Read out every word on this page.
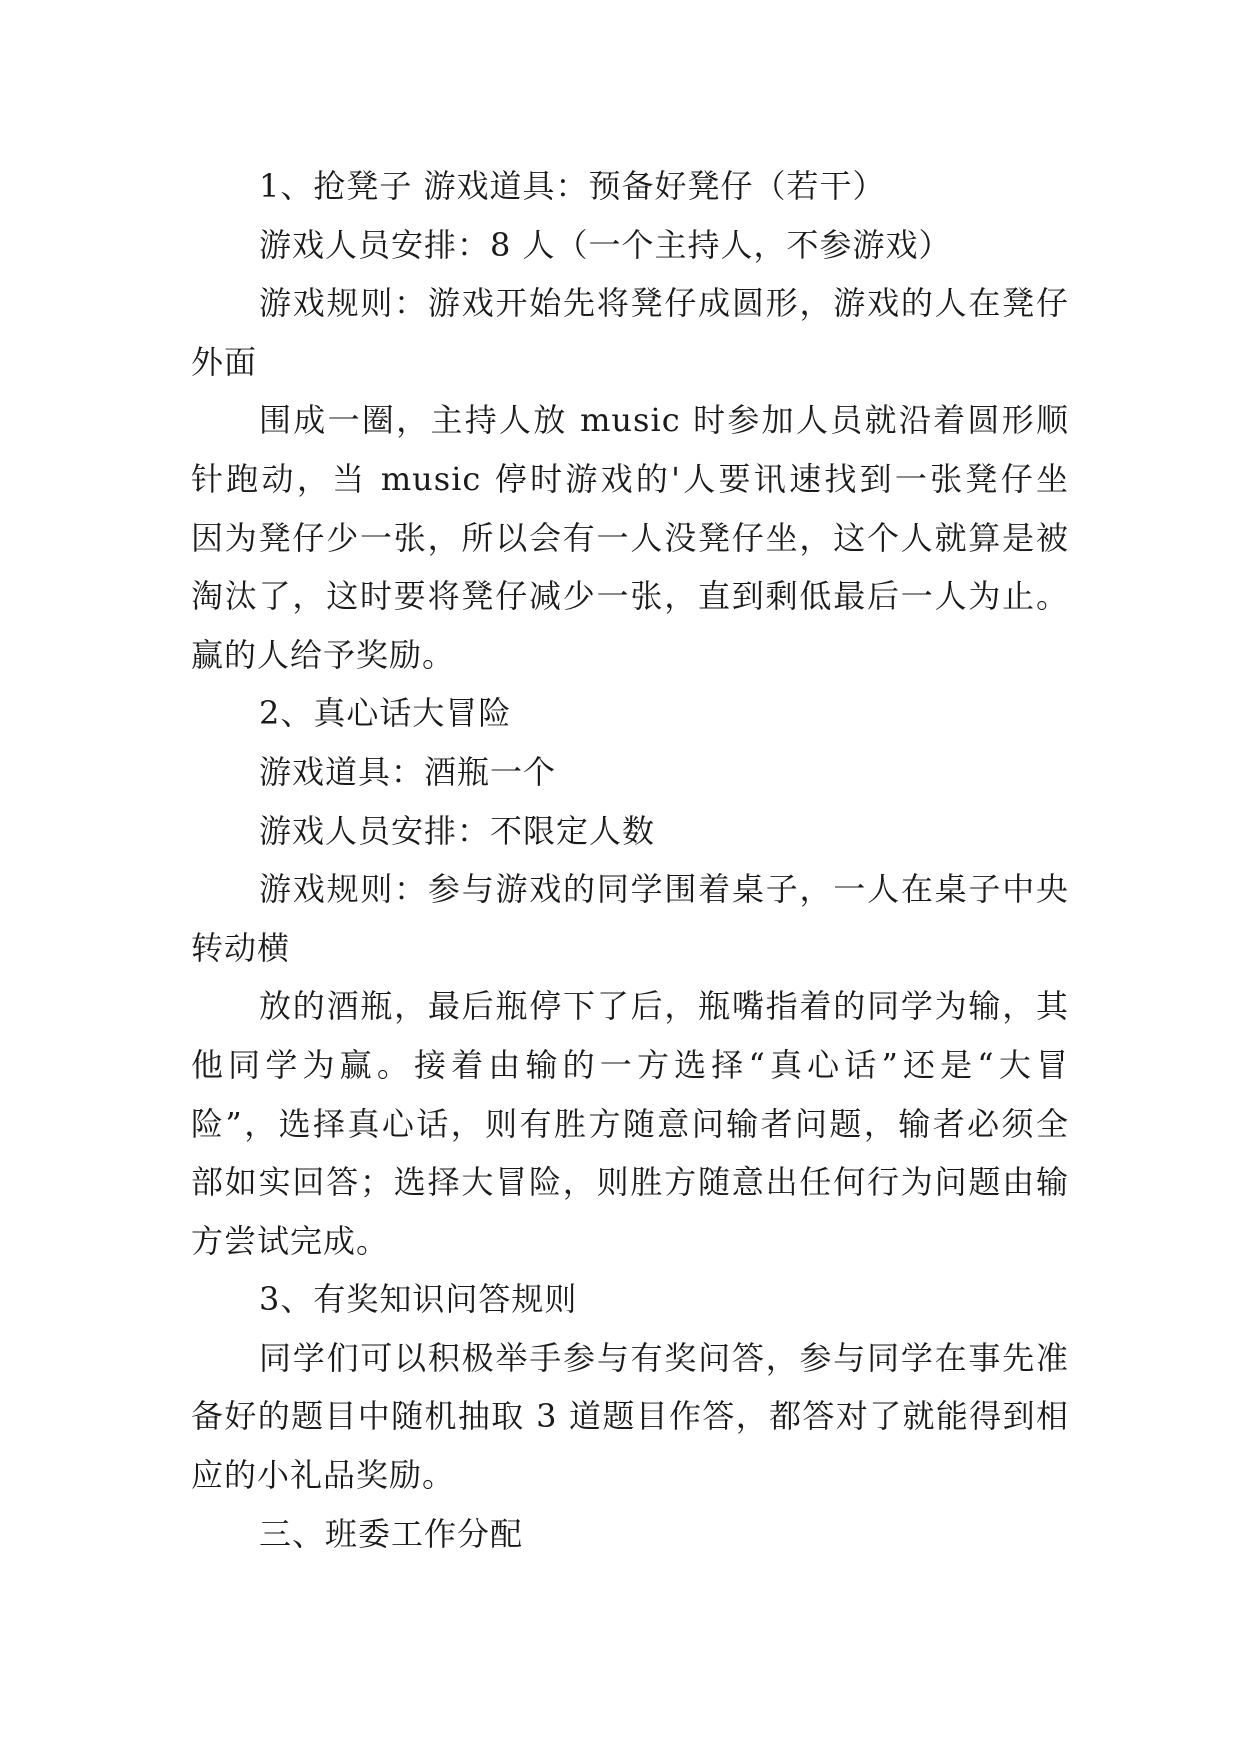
1、抢凳子 游戏道具：预备好凳仔（若干）
游戏人员安排：8 人（一个主持人，不参游戏）
游戏规则：游戏开始先将凳仔成圆形，游戏的人在凳仔
外面
围成一圈，主持人放 music 时参加人员就沿着圆形顺
针跑动，当 music 停时游戏的'人要讯速找到一张凳仔坐
因为凳仔少一张，所以会有一人没凳仔坐，这个人就算是被
淘汰了，这时要将凳仔减少一张，直到剩低最后一人为止。
赢的人给予奖励。
2、真心话大冒险
游戏道具：酒瓶一个
游戏人员安排：不限定人数
游戏规则：参与游戏的同学围着桌子，一人在桌子中央
转动横
放的酒瓶，最后瓶停下了后，瓶嘴指着的同学为输，其
他同学为赢。接着由输的一方选择“真心话”还是“大冒
险”，选择真心话，则有胜方随意问输者问题，输者必须全
部如实回答；选择大冒险，则胜方随意出任何行为问题由输
方尝试完成。
3、有奖知识问答规则
同学们可以积极举手参与有奖问答，参与同学在事先准
备好的题目中随机抽取 3 道题目作答，都答对了就能得到相
应的小礼品奖励。
三、班委工作分配
